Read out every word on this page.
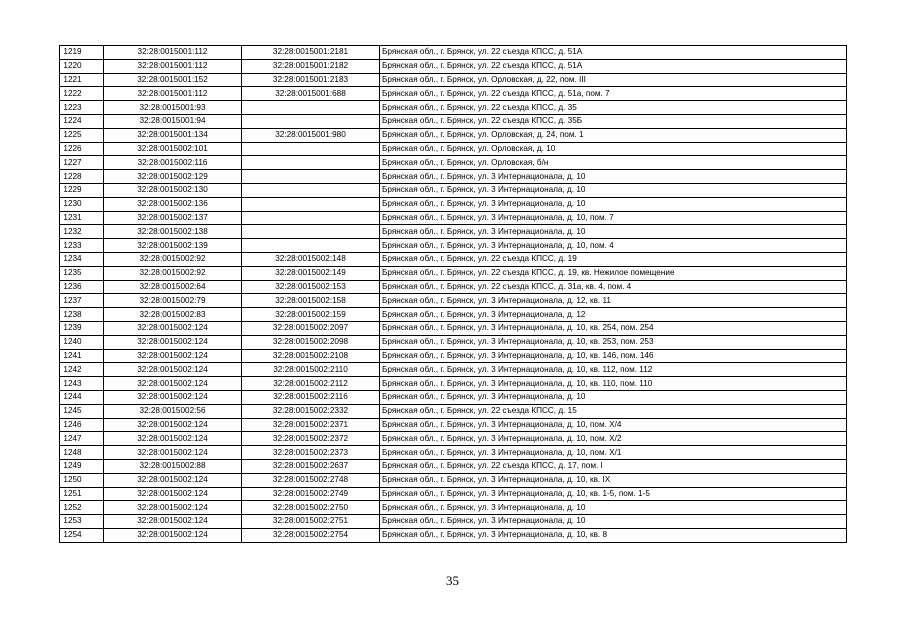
1219	32:28:0015001:112	32:28:0015001:2181	Брянская обл., г. Брянск, ул. 22 съезда КПСС, д. 51А
1220	32:28:0015001:112	32:28:0015001:2182	Брянская обл., г. Брянск, ул. 22 съезда КПСС, д. 51А
1221	32:28:0015001:152	32:28:0015001:2183	Брянская обл., г. Брянск, ул. Орловская, д. 22, пом. III
1222	32:28:0015001:112	32:28:0015001:688	Брянская обл., г. Брянск, ул. 22 съезда КПСС, д. 51а, пом. 7
1223	32:28:0015001:93		Брянская обл., г. Брянск, ул. 22 съезда КПСС, д. 35
1224	32:28:0015001:94		Брянская обл., г. Брянск, ул. 22 съезда КПСС, д. 35Б
1225	32:28:0015001:134	32:28:0015001:980	Брянская обл., г. Брянск, ул. Орловская, д. 24, пом. 1
1226	32:28:0015002:101		Брянская обл., г. Брянск, ул. Орловская, д. 10
1227	32:28:0015002:116		Брянская обл., г. Брянск, ул. Орловская, б/н
1228	32:28:0015002:129		Брянская обл., г. Брянск, ул. 3 Интернационала, д. 10
1229	32:28:0015002:130		Брянская обл., г. Брянск, ул. 3 Интернационала, д. 10
1230	32:28:0015002:136		Брянская обл., г. Брянск, ул. 3 Интернационала, д. 10
1231	32:28:0015002:137		Брянская обл., г. Брянск, ул. 3 Интернационала, д. 10, пом. 7
1232	32:28:0015002:138		Брянская обл., г. Брянск, ул. 3 Интернационала, д. 10
1233	32:28:0015002:139		Брянская обл., г. Брянск, ул. 3 Интернационала, д. 10, пом. 4
1234	32:28:0015002:92	32:28:0015002:148	Брянская обл., г. Брянск, ул. 22 съезда КПСС, д. 19
1235	32:28:0015002:92	32:28:0015002:149	Брянская обл., г. Брянск, ул. 22 съезда КПСС, д. 19, кв. Нежилое помещение
1236	32:28:0015002:64	32:28:0015002:153	Брянская обл., г. Брянск, ул. 22 съезда КПСС, д. 31а, кв. 4, пом. 4
1237	32:28:0015002:79	32:28:0015002:158	Брянская обл., г. Брянск, ул. 3 Интернационала, д. 12, кв. 11
1238	32:28:0015002:83	32:28:0015002:159	Брянская обл., г. Брянск, ул. 3 Интернационала, д. 12
1239	32:28:0015002:124	32:28:0015002:2097	Брянская обл., г. Брянск, ул. 3 Интернационала, д. 10, кв. 254, пом. 254
1240	32:28:0015002:124	32:28:0015002:2098	Брянская обл., г. Брянск, ул. 3 Интернационала, д. 10, кв. 253, пом. 253
1241	32:28:0015002:124	32:28:0015002:2108	Брянская обл., г. Брянск, ул. 3 Интернационала, д. 10, кв. 146, пом. 146
1242	32:28:0015002:124	32:28:0015002:2110	Брянская обл., г. Брянск, ул. 3 Интернационала, д. 10, кв. 112, пом. 112
1243	32:28:0015002:124	32:28:0015002:2112	Брянская обл., г. Брянск, ул. 3 Интернационала, д. 10, кв. 110, пом. 110
1244	32:28:0015002:124	32:28:0015002:2116	Брянская обл., г. Брянск, ул. 3 Интернационала, д. 10
1245	32:28:0015002:56	32:28:0015002:2332	Брянская обл., г. Брянск, ул. 22 съезда КПСС, д. 15
1246	32:28:0015002:124	32:28:0015002:2371	Брянская обл., г. Брянск, ул. 3 Интернационала, д. 10, пом. Х/4
1247	32:28:0015002:124	32:28:0015002:2372	Брянская обл., г. Брянск, ул. 3 Интернационала, д. 10, пом. Х/2
1248	32:28:0015002:124	32:28:0015002:2373	Брянская обл., г. Брянск, ул. 3 Интернационала, д. 10, пом. Х/1
1249	32:28:0015002:88	32:28:0015002:2637	Брянская обл., г. Брянск, ул. 22 съезда КПСС, д. 17, пом. I
1250	32:28:0015002:124	32:28:0015002:2748	Брянская обл., г. Брянск, ул. 3 Интернационала, д. 10, кв. IX
1251	32:28:0015002:124	32:28:0015002:2749	Брянская обл., г. Брянск, ул. 3 Интернационала, д. 10, кв. 1-5, пом. 1-5
1252	32:28:0015002:124	32:28:0015002:2750	Брянская обл., г. Брянск, ул. 3 Интернационала, д. 10
1253	32:28:0015002:124	32:28:0015002:2751	Брянская обл., г. Брянск, ул. 3 Интернационала, д. 10
1254	32:28:0015002:124	32:28:0015002:2754	Брянская обл., г. Брянск, ул. 3 Интернационала, д. 10, кв. 8
35
